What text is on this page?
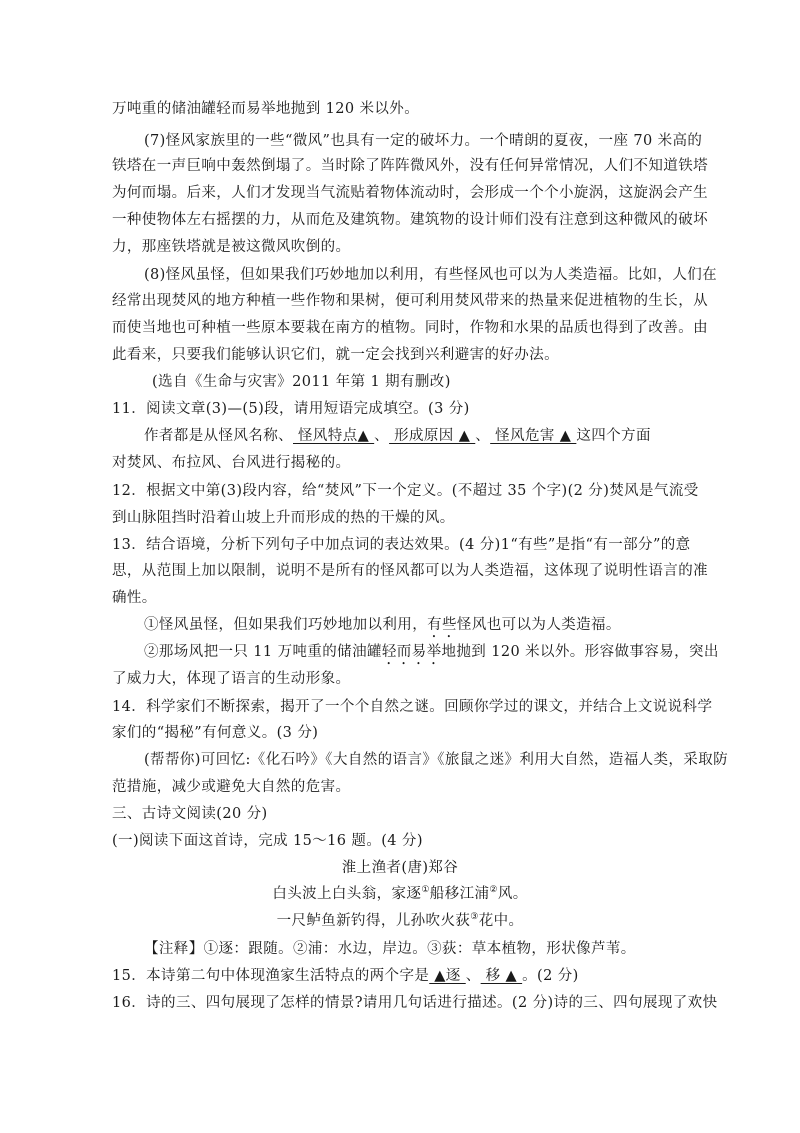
万吨重的储油罐轻而易举地抛到 120 米以外。
(7)怪风家族里的一些“微风”也具有一定的破坏力。一个晴朗的夏夜，一座 70 米高的
铁塔在一声巨响中轰然倒塌了。当时除了阵阵微风外，没有任何异常情况，人们不知道铁塔
为何而塌。后来，人们才发现当气流贴着物体流动时，会形成一个个小旋涡，这旋涡会产生
一种使物体左右摇摆的力，从而危及建筑物。建筑物的设计师们没有注意到这种微风的破坏
力，那座铁塔就是被这微风吹倒的。
(8)怪风虽怪，但如果我们巧妙地加以利用，有些怪风也可以为人类造福。比如，人们在
经常出现焚风的地方种植一些作物和果树，便可利用焚风带来的热量来促进植物的生长，从
而使当地也可种植一些原本要栽在南方的植物。同时，作物和水果的品质也得到了改善。由
此看来，只要我们能够认识它们，就一定会找到兴利避害的好办法。
(选自《生命与灾害》2011 年第 1 期有删改)
11．阅读文章(3)—(5)段，请用短语完成填空。(3 分)
作者都是从怪风名称、 怪风特点▲ 、 形成原因 ▲ 、 怪风危害 ▲ 这四个方面
对焚风、布拉风、台风进行揭秘的。
12．根据文中第(3)段内容，给“焚风”下一个定义。(不超过 35 个字)(2 分)焚风是气流受
到山脉阻挡时沿着山坡上升而形成的热的干燥的风。
13．结合语境，分析下列句子中加点词的表达效果。(4 分)1“有些”是指“有一部分”的意
思，从范围上加以限制，说明不是所有的怪风都可以为人类造福，这体现了说明性语言的准
确性。
①怪风虽怪，但如果我们巧妙地加以利用，有些怪风也可以为人类造福。
②那场风把一只 11 万吨重的储油罐轻而易举地抛到 120 米以外。形容做事容易，突出
了威力大，体现了语言的生动形象。
14．科学家们不断探索，揭开了一个个自然之谜。回顾你学过的课文，并结合上文说说科学
家们的“揭秘”有何意义。(3 分)
(帮帮你)可回忆:《化石吟》《大自然的语言》《旅鼠之迷》利用大自然，造福人类，采取防
范措施，减少或避免大自然的危害。
三、古诗文阅读(20 分)
(一)阅读下面这首诗，完成 15～16 题。(4 分)
淮上渔者(唐)郑谷
白头波上白头翁，家逐①船移江浦②风。
一尺鲈鱼新钓得，儿孙吹火荻③花中。
【注释】①逐：跟随。②浦：水边，岸边。③荻：草本植物，形状像芦苇。
15．本诗第二句中体现渔家生活特点的两个字是 ▲逐 、 移 ▲ 。(2 分)
16．诗的三、四句展现了怎样的情景?请用几句话进行描述。(2 分)诗的三、四句展现了欢快
